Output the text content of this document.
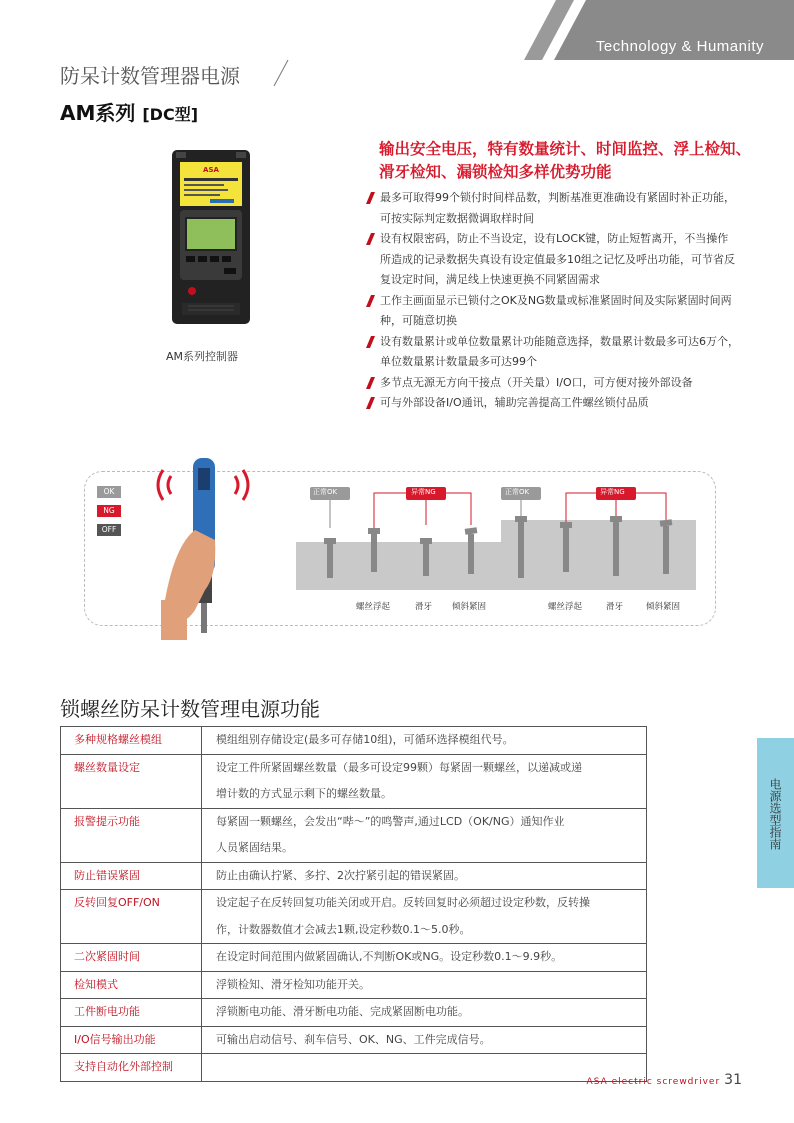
Technology & Humanity
防呆计数管理器电源
AM系列 [DC型]
ASA
AM系列控制器
输出安全电压，特有数量统计、时间监控、浮上检知、滑牙检知、漏锁检知多样优势功能
最多可取得99个锁付时间样品数，判断基准更准确设有紧固时补正功能，可按实际判定数据微调取样时间
设有权限密码，防止不当设定，设有LOCK键，防止短暂离开，不当操作所造成的记录数据失真设有设定值最多10组之记忆及呼出功能，可节省反复设定时间，满足线上快速更换不同紧固需求
工作主画面显示已锁付之OK及NG数量或标准紧固时间及实际紧固时间两种，可随意切换
设有数量累计或单位数量累计功能随意选择，数量累计数最多可达6万个，单位数量累计数量最多可达99个
多节点无源无方向干接点（开关量）I/O口，可方便对接外部设备
可与外部设备I/O通讯，辅助完善提高工件螺丝锁付品质
OK
NG
OFF
正常OK	异常NG	正常OK	异常NG
螺丝浮起	滑牙 倾斜紧固	螺丝浮起	滑牙	倾斜紧固
锁螺丝防呆计数管理电源功能
多种规格螺丝模组	模组组别存储设定(最多可存储10组)，可循环选择模组代号。

螺丝数量设定	设定工件所紧固螺丝数量（最多可设定99颗）每紧固一颗螺丝，以递减或递
增计数的方式显示剩下的螺丝数量。

报警提示功能	每紧固一颗螺丝，会发出“哔～”的鸣警声,通过LCD（OK/NG）通知作业
人员紧固结果。

防止错误紧固	防止由确认拧紧、多拧、2次拧紧引起的错误紧固。

反转回复OFF/ON	设定起子在反转回复功能关闭或开启。反转回复时必须超过设定秒数，反转操
作，计数器数值才会减去1颗,设定秒数0.1～5.0秒。

二次紧固时间	在设定时间范围内做紧固确认,不判断OK或NG。设定秒数0.1～9.9秒。

检知模式	浮锁检知、滑牙检知功能开关。

工件断电功能	浮锁断电功能、滑牙断电功能、完成紧固断电功能。

I/O信号输出功能	可输出启动信号、刹车信号、OK、NG、工件完成信号。

支持自动化外部控制	
电源选型指南
ASA electric screwdriver 31
